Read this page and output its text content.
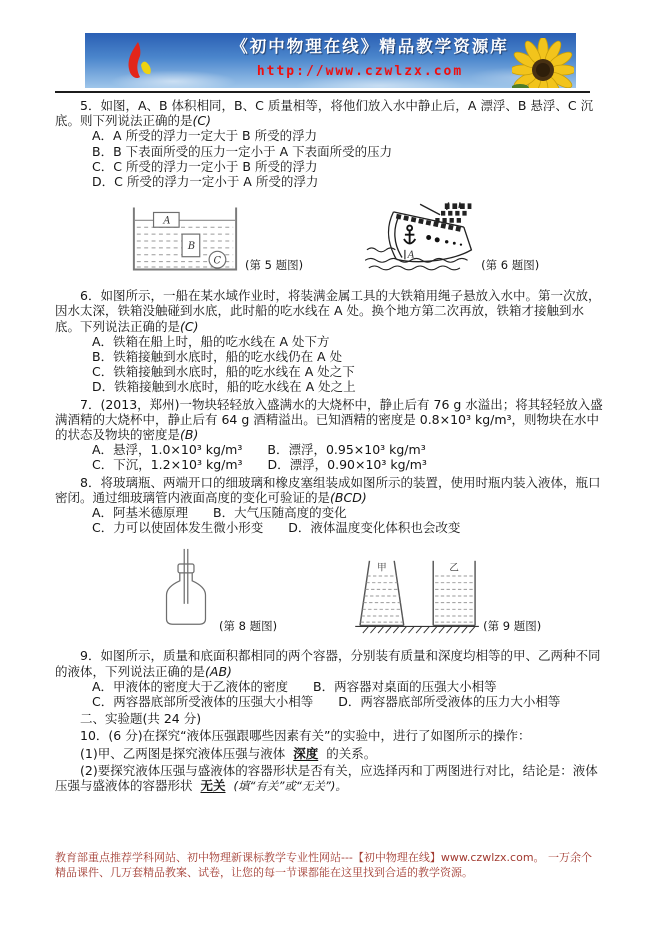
《初中物理在线》精品教学资源库
http://www.czwlzx.com

5．如图，A、B 体积相同，B、C 质量相等，将他们放入水中静止后，A 漂浮、B 悬浮、C 沉底。则下列说法正确的是(C)

A．A 所受的浮力一定大于 B 所受的浮力

B．B 下表面所受的压力一定小于 A 下表面所受的压力

C．C 所受的浮力一定小于 B 所受的浮力

D．C 所受的浮力一定小于 A 所受的浮力

A
B
C (第 5 题图)
A
(第 6 题图)

6．如图所示，一船在某水域作业时，将装满金属工具的大铁箱用绳子悬放入水中。第一次放，因水太深，铁箱没触碰到水底，此时船的吃水线在 A 处。换个地方第二次再放，铁箱才接触到水底。下列说法正确的是(C)

A．铁箱在船上时，船的吃水线在 A 处下方

B．铁箱接触到水底时，船的吃水线仍在 A 处

C．铁箱接触到水底时，船的吃水线在 A 处之下

D．铁箱接触到水底时，船的吃水线在 A 处之上

7．(2013，郑州)一物块轻轻放入盛满水的大烧杯中，静止后有 76 g 水溢出；将其轻轻放入盛满酒精的大烧杯中，静止后有 64 g 酒精溢出。已知酒精的密度是 0.8×10³ kg/m³，则物块在水中的状态及物块的密度是(B)

A．悬浮，1.0×10³ kg/m³　　B．漂浮，0.95×10³ kg/m³

C．下沉，1.2×10³ kg/m³　　D．漂浮，0.90×10³ kg/m³

8．将玻璃瓶、两端开口的细玻璃和橡皮塞组装成如图所示的装置，使用时瓶内装入液体，瓶口密闭。通过细玻璃管内液面高度的变化可验证的是(BCD)

A．阿基米德原理　　B．大气压随高度的变化

C．力可以使固体发生微小形变　　D．液体温度变化体积也会改变

(第 8 题图)
甲	乙
(第 9 题图)

9．如图所示，质量和底面积都相同的两个容器，分别装有质量和深度均相等的甲、乙两种不同的液体，下列说法正确的是(AB)

A．甲液体的密度大于乙液体的密度　　B．两容器对桌面的压强大小相等

C．两容器底部所受液体的压强大小相等　　D．两容器底部所受液体的压力大小相等

二、实验题(共 24 分)

10．(6 分)在探究“液体压强跟哪些因素有关”的实验中，进行了如图所示的操作：

(1)甲、乙两图是探究液体压强与液体 深度 的关系。

(2)要探究液体压强与盛液体的容器形状是否有关，应选择丙和丁两图进行对比，结论是：液体压强与盛液体的容器形状 无关 (填“有关”或“无关”)。

教育部重点推荐学科网站、初中物理新课标教学专业性网站---【初中物理在线】www.czwlzx.com。 一万余个精品课件、几万套精品教案、试卷，让您的每一节课都能在这里找到合适的教学资源。
